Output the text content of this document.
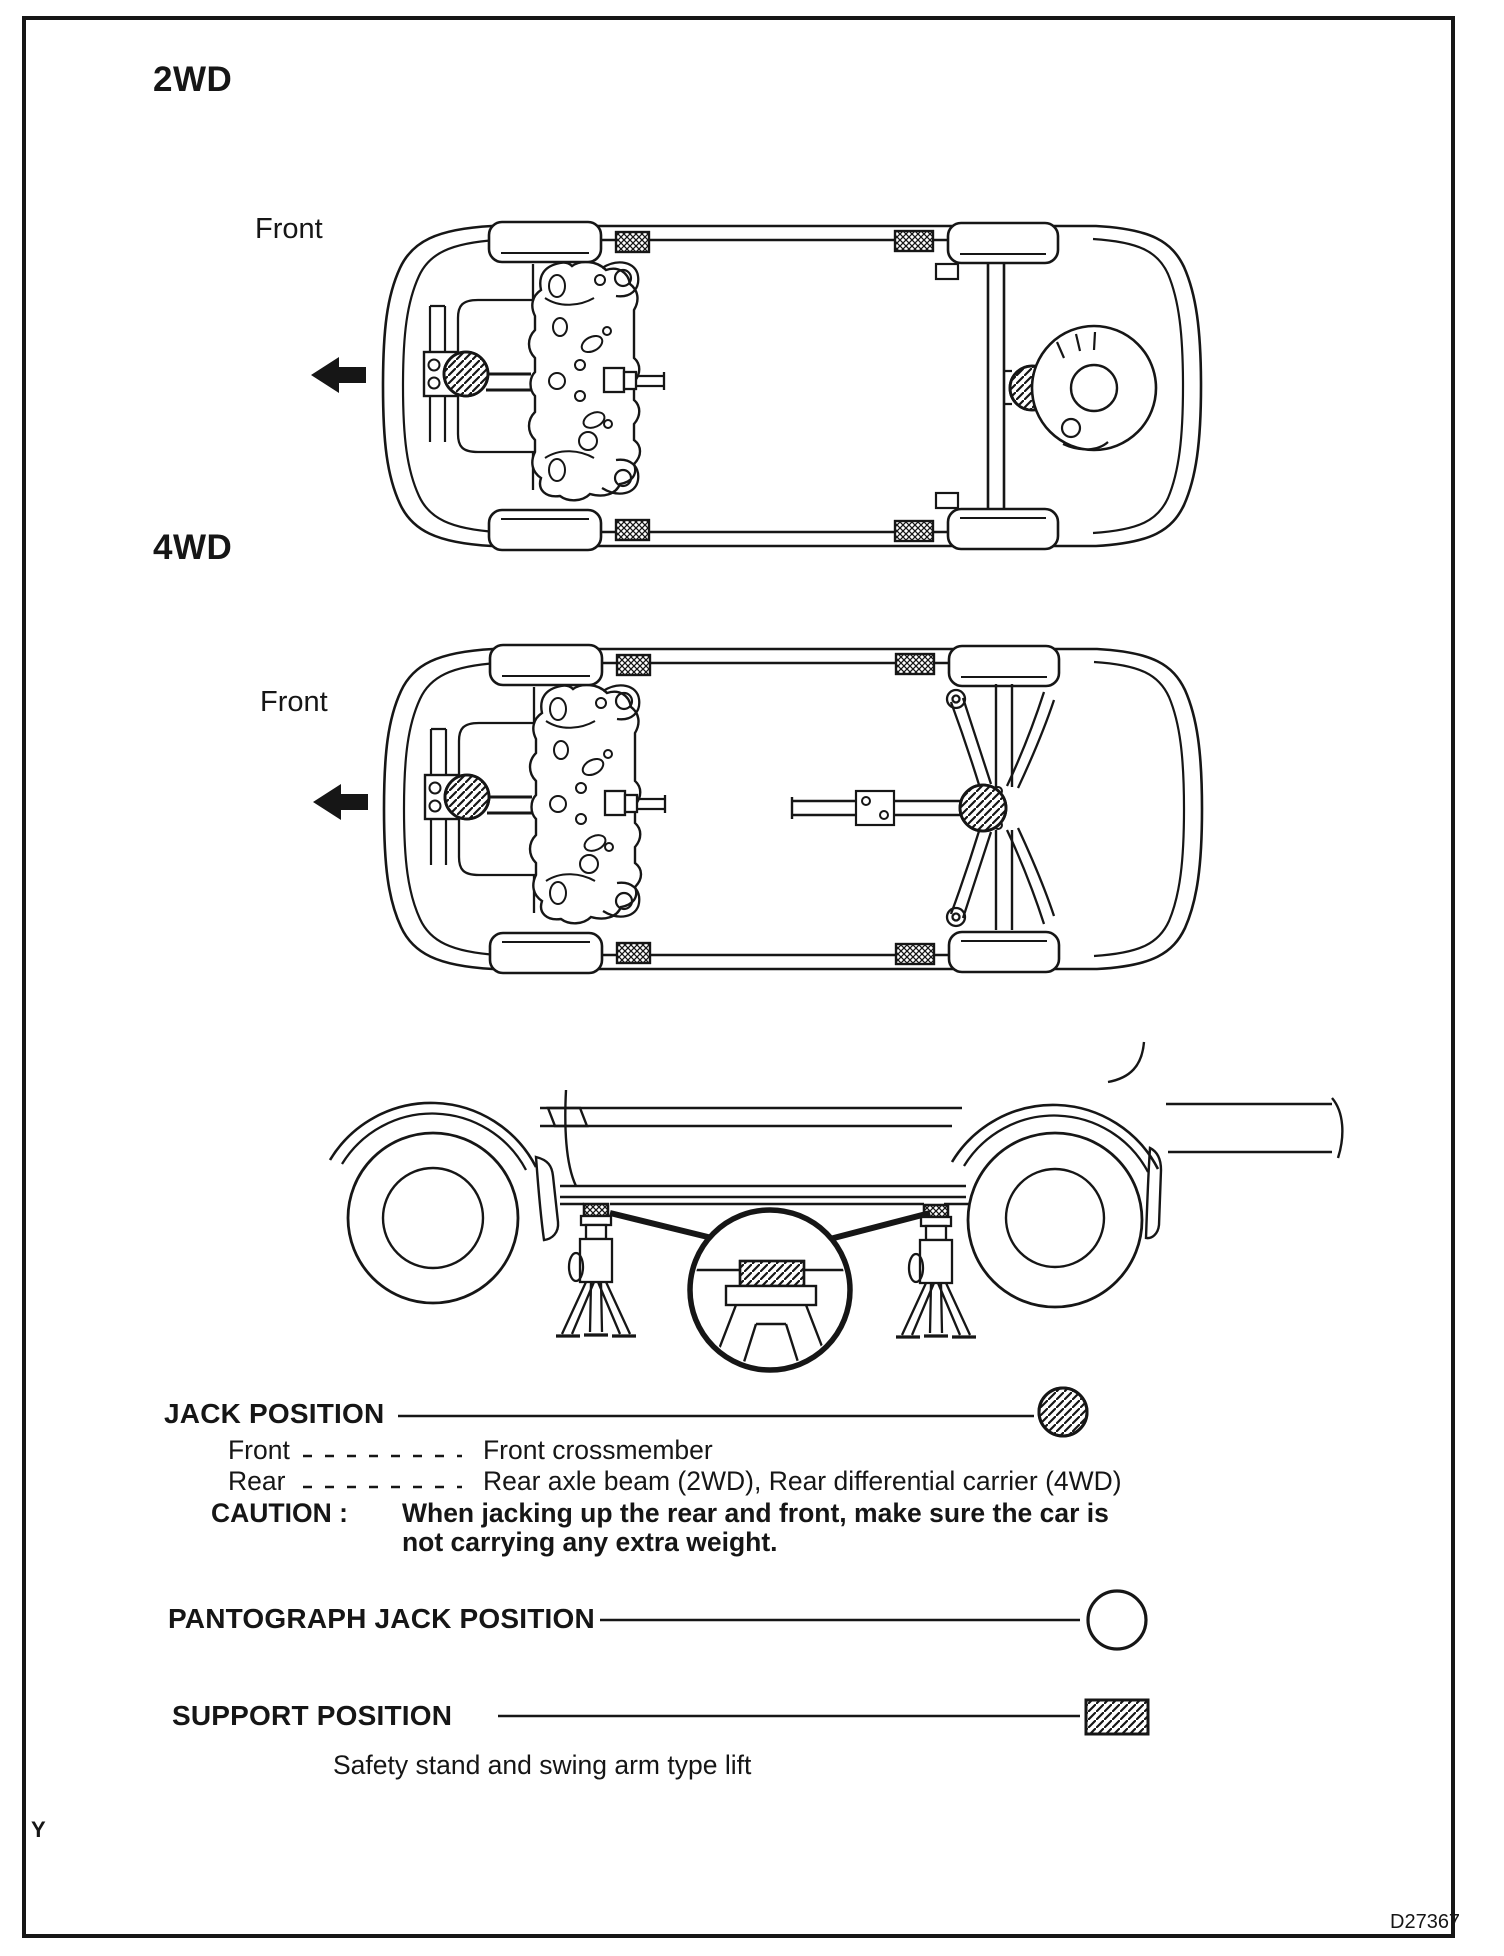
2WD
Front
4WD
Front
JACK POSITION
Front	Front crossmember
Rear	Rear axle beam (2WD), Rear differential carrier (4WD)
CAUTION : When jacking up the rear and front, make sure the car is
not carrying any extra weight.
PANTOGRAPH JACK POSITION
SUPPORT POSITION
Safety stand and swing arm type lift
Y
D27367
